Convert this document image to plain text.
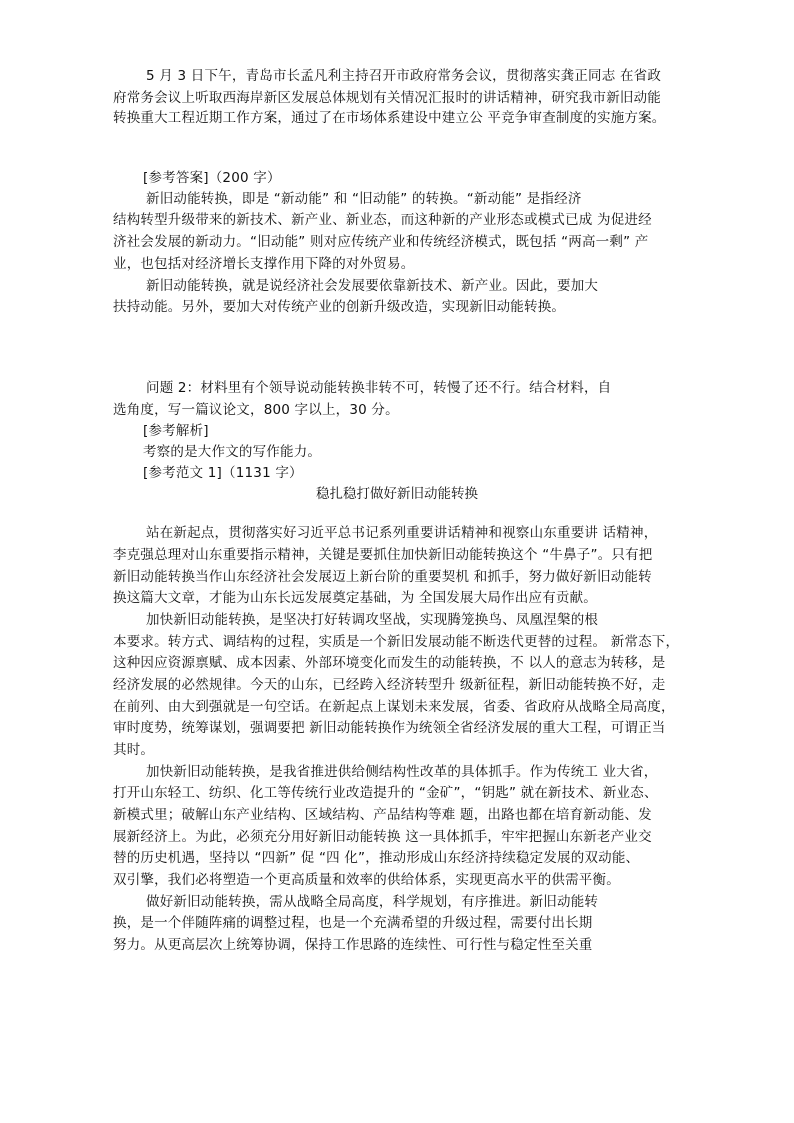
5 月 3 日下午，青岛市长孟凡利主持召开市政府常务会议，贯彻落实龚正同志 在省政
府常务会议上听取西海岸新区发展总体规划有关情况汇报时的讲话精神，研究我市新旧动能
转换重大工程近期工作方案，通过了在市场体系建设中建立公 平竞争审查制度的实施方案。
[参考答案]（200 字）
新旧动能转换，即是 “新动能” 和 “旧动能” 的转换。“新动能” 是指经济
结构转型升级带来的新技术、新产业、新业态，而这种新的产业形态或模式已成 为促进经
济社会发展的新动力。“旧动能” 则对应传统产业和传统经济模式，既包括 “两高一剩” 产
业，也包括对经济增长支撑作用下降的对外贸易。
新旧动能转换，就是说经济社会发展要依靠新技术、新产业。因此，要加大
扶持动能。另外，要加大对传统产业的创新升级改造，实现新旧动能转换。
问题 2：材料里有个领导说动能转换非转不可，转慢了还不行。结合材料，自
选角度，写一篇议论文，800 字以上，30 分。
[参考解析]
考察的是大作文的写作能力。
[参考范文 1]（1131 字）
稳扎稳打做好新旧动能转换
站在新起点，贯彻落实好习近平总书记系列重要讲话精神和视察山东重要讲 话精神，
李克强总理对山东重要指示精神，关键是要抓住加快新旧动能转换这个 “牛鼻子”。只有把
新旧动能转换当作山东经济社会发展迈上新台阶的重要契机 和抓手，努力做好新旧动能转
换这篇大文章，才能为山东长远发展奠定基础，为 全国发展大局作出应有贡献。
加快新旧动能转换，是坚决打好转调攻坚战，实现腾笼换鸟、凤凰涅槃的根
本要求。转方式、调结构的过程，实质是一个新旧发展动能不断迭代更替的过程。 新常态下，
这种因应资源禀赋、成本因素、外部环境变化而发生的动能转换，不 以人的意志为转移，是
经济发展的必然规律。今天的山东，已经跨入经济转型升 级新征程，新旧动能转换不好，走
在前列、由大到强就是一句空话。在新起点上谋划未来发展，省委、省政府从战略全局高度，
审时度势，统筹谋划，强调要把 新旧动能转换作为统领全省经济发展的重大工程，可谓正当
其时。
加快新旧动能转换，是我省推进供给侧结构性改革的具体抓手。作为传统工 业大省，
打开山东轻工、纺织、化工等传统行业改造提升的 “金矿”，“钥匙” 就在新技术、新业态、
新模式里；破解山东产业结构、区域结构、产品结构等难 题，出路也都在培育新动能、发
展新经济上。为此，必须充分用好新旧动能转换 这一具体抓手，牢牢把握山东新老产业交
替的历史机遇，坚持以 “四新” 促 “四 化”，推动形成山东经济持续稳定发展的双动能、
双引擎，我们必将塑造一个更高质量和效率的供给体系，实现更高水平的供需平衡。
做好新旧动能转换，需从战略全局高度，科学规划，有序推进。新旧动能转
换，是一个伴随阵痛的调整过程，也是一个充满希望的升级过程，需要付出长期
努力。从更高层次上统筹协调，保持工作思路的连续性、可行性与稳定性至关重
